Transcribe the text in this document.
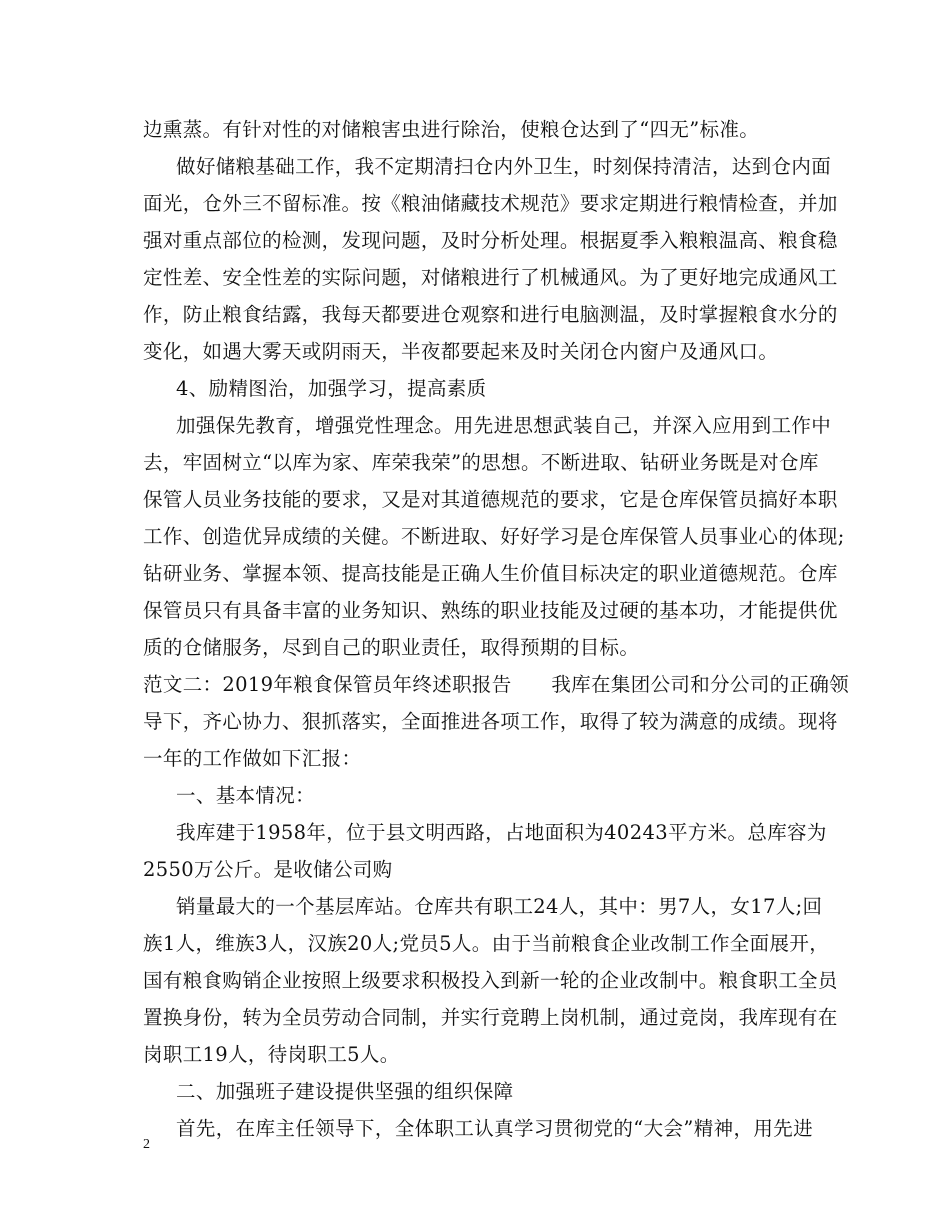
边熏蒸。有针对性的对储粮害虫进行除治，使粮仓达到了“四无”标准。
做好储粮基础工作，我不定期清扫仓内外卫生，时刻保持清洁，达到仓内面
面光，仓外三不留标准。按《粮油储藏技术规范》要求定期进行粮情检查，并加
强对重点部位的检测，发现问题，及时分析处理。根据夏季入粮粮温高、粮食稳
定性差、安全性差的实际问题，对储粮进行了机械通风。为了更好地完成通风工
作，防止粮食结露，我每天都要进仓观察和进行电脑测温，及时掌握粮食水分的
变化，如遇大雾天或阴雨天，半夜都要起来及时关闭仓内窗户及通风口。
4、励精图治，加强学习，提高素质
加强保先教育，增强党性理念。用先进思想武装自己，并深入应用到工作中
去，牢固树立“以库为家、库荣我荣”的思想。不断进取、钻研业务既是对仓库
保管人员业务技能的要求，又是对其道德规范的要求，它是仓库保管员搞好本职
工作、创造优异成绩的关健。不断进取、好好学习是仓库保管人员事业心的体现;
钻研业务、掌握本领、提高技能是正确人生价值目标决定的职业道德规范。仓库
保管员只有具备丰富的业务知识、熟练的职业技能及过硬的基本功，才能提供优
质的仓储服务，尽到自己的职业责任，取得预期的目标。
范文二：2019年粮食保管员年终述职报告　　我库在集团公司和分公司的正确领
导下，齐心协力、狠抓落实，全面推进各项工作，取得了较为满意的成绩。现将
一年的工作做如下汇报：
一、基本情况：
我库建于1958年，位于县文明西路，占地面积为40243平方米。总库容为
2550万公斤。是收储公司购
销量最大的一个基层库站。仓库共有职工24人，其中：男7人，女17人;回
族1人，维族3人，汉族20人;党员5人。由于当前粮食企业改制工作全面展开，
国有粮食购销企业按照上级要求积极投入到新一轮的企业改制中。粮食职工全员
置换身份，转为全员劳动合同制，并实行竞聘上岗机制，通过竞岗，我库现有在
岗职工19人，待岗职工5人。
二、加强班子建设提供坚强的组织保障
首先，在库主任领导下，全体职工认真学习贯彻党的“大会”精神，用先进
2
